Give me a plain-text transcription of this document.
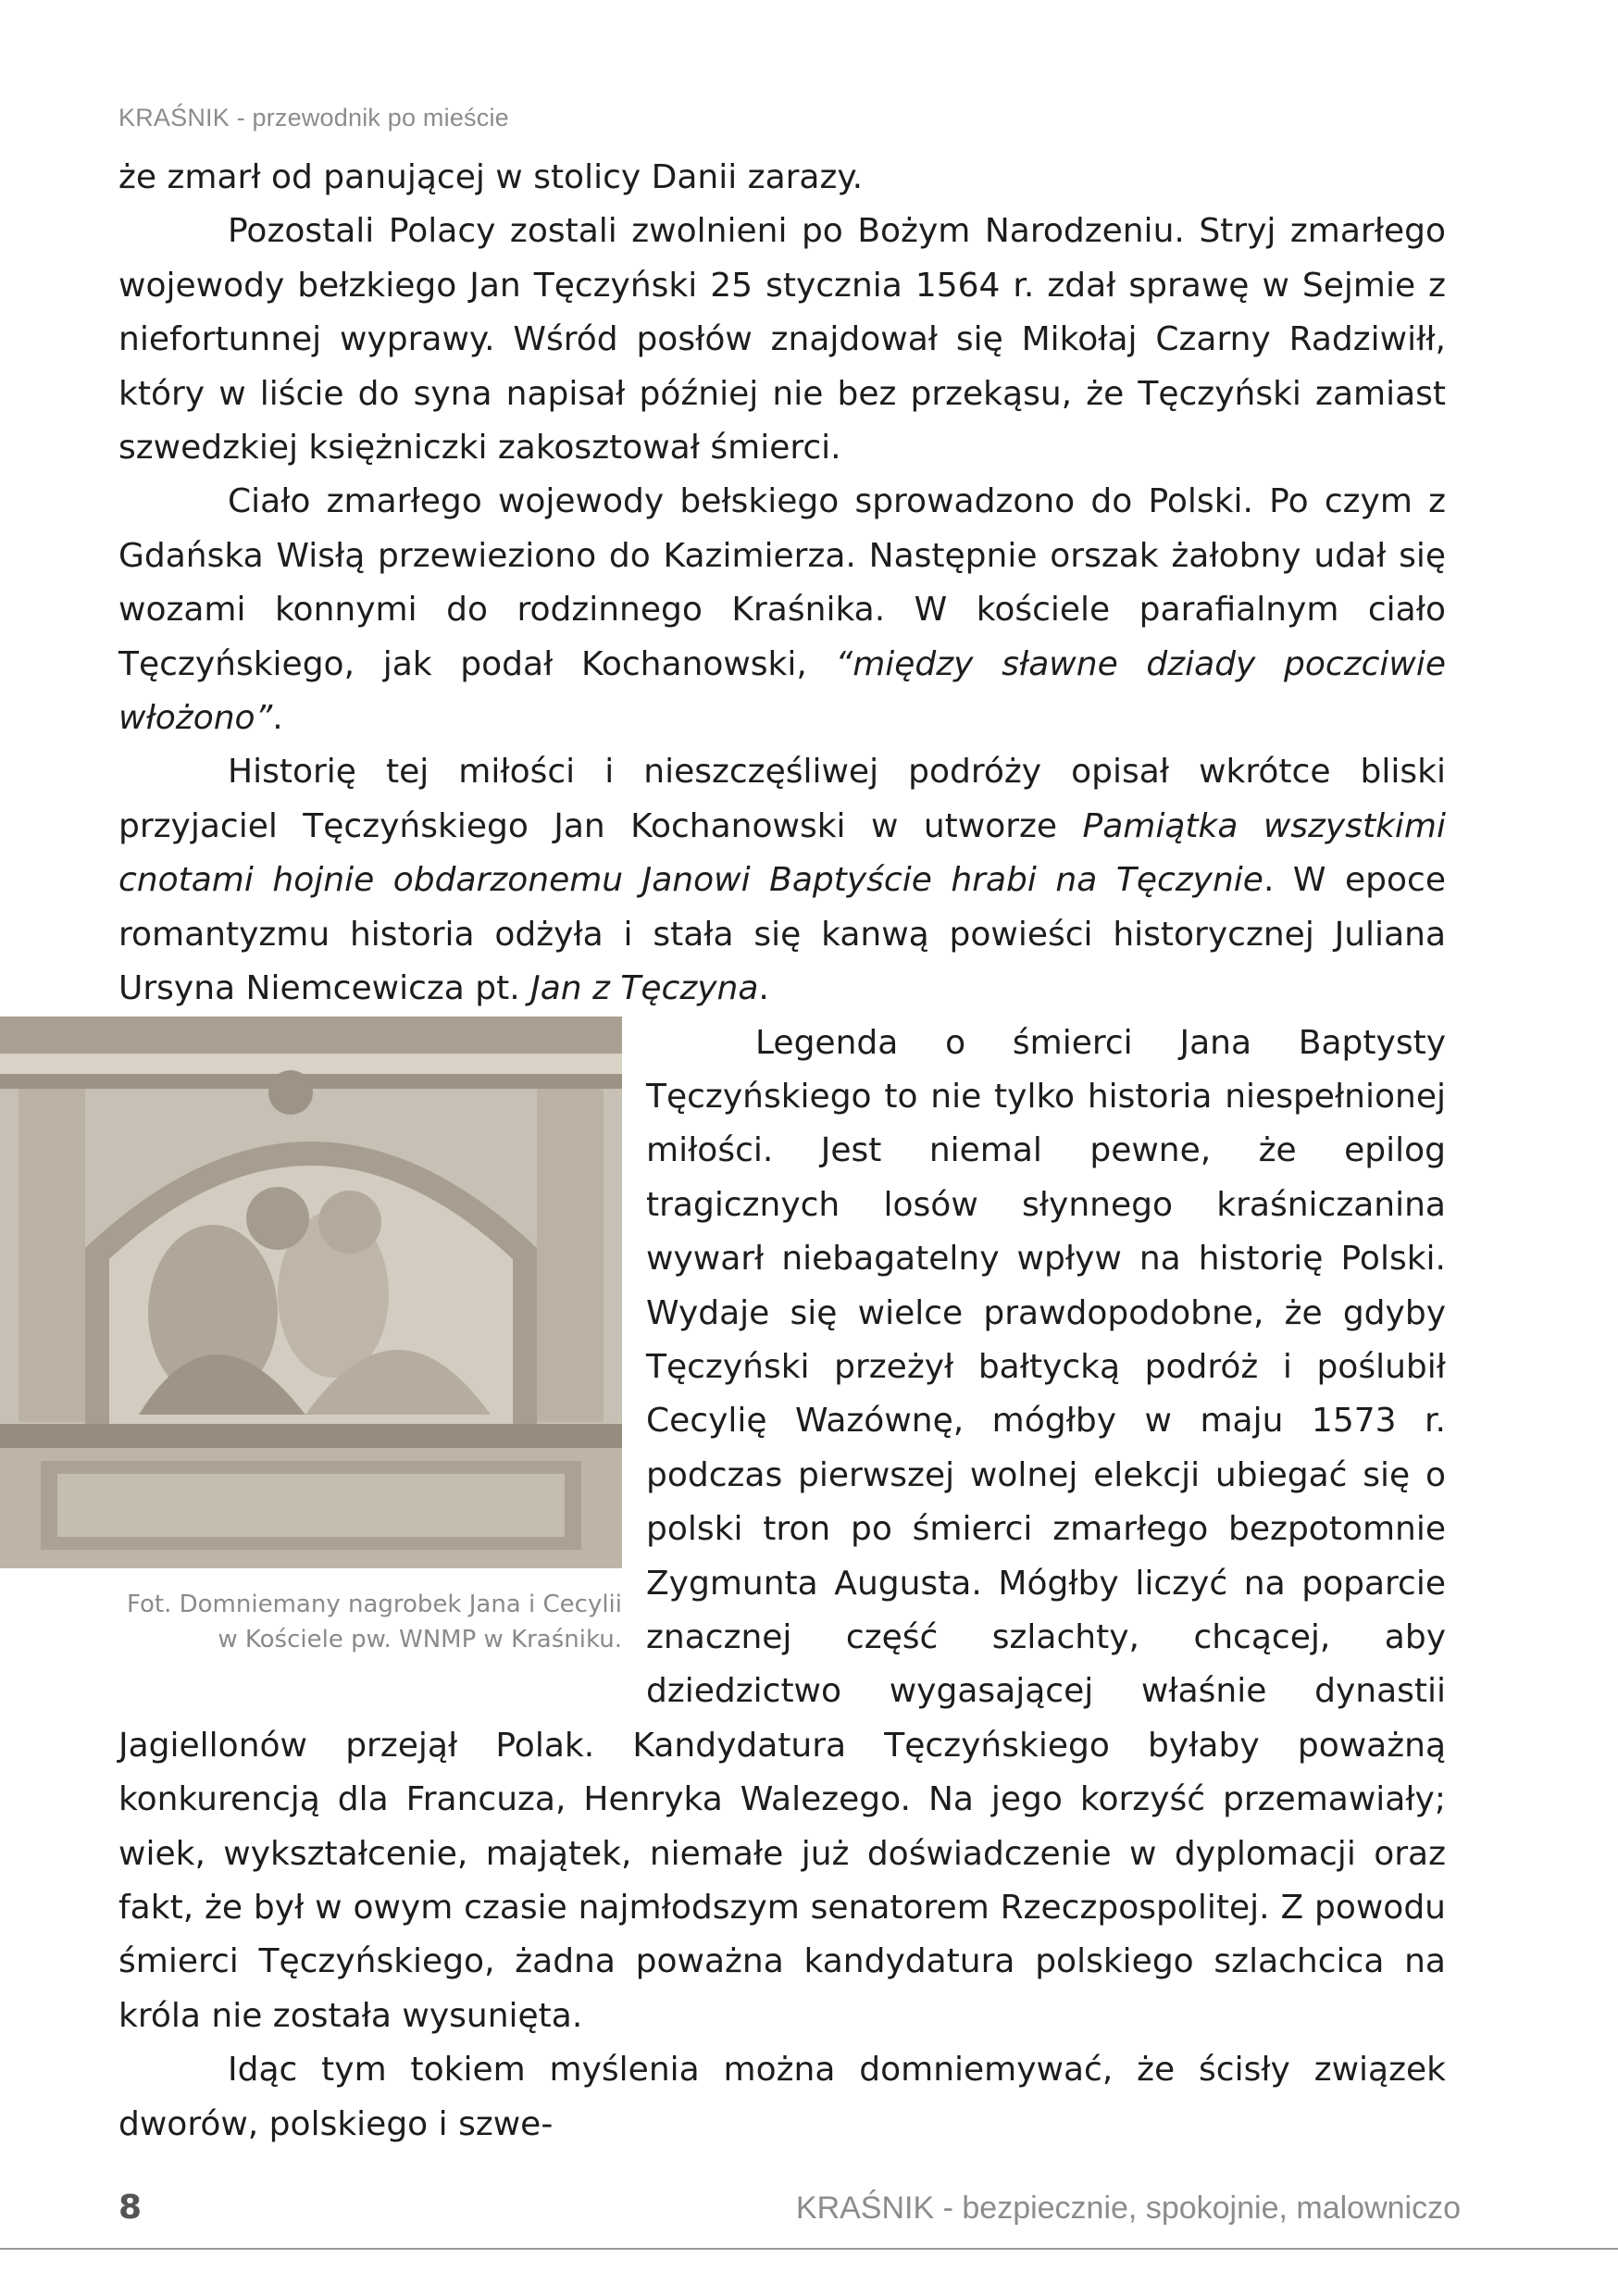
KRAŚNIK - przewodnik po mieście

że zmarł od panującej w stolicy Danii zarazy.

Pozostali Polacy zostali zwolnieni po Bożym Narodzeniu. Stryj zmarłego wojewody bełzkiego Jan Tęczyński 25 stycznia 1564 r. zdał sprawę w Sejmie z niefortunnej wyprawy. Wśród posłów znajdował się Mikołaj Czarny Radziwiłł, który w liście do syna napisał później nie bez przekąsu, że Tęczyński zamiast szwedzkiej księżniczki zakosztował śmierci.

Ciało zmarłego wojewody bełskiego sprowadzono do Polski. Po czym z Gdańska Wisłą przewieziono do Kazimierza. Następnie orszak żałobny udał się wozami konnymi do rodzinnego Kraśnika. W kościele parafialnym ciało Tęczyńskiego, jak podał Kochanowski, “między sławne dziady poczciwie włożono”.

Historię tej miłości i nieszczęśliwej podróży opisał wkrótce bliski przyjaciel Tęczyńskiego Jan Kochanowski w utworze Pamiątka wszystkimi cnotami hojnie obdarzonemu Janowi Baptyście hrabi na Tęczynie. W epoce romantyzmu historia odżyła i stała się kanwą powieści historycznej Juliana Ursyna Niemcewicza pt. Jan z Tęczyna.

Fot. Domniemany nagrobek Jana i Cecylii
w Kościele pw. WNMP w Kraśniku.
Legenda o śmierci Jana Baptysty Tęczyńskiego to nie tylko historia niespełnionej miłości. Jest niemal pewne, że epilog tragicznych losów słynnego kraśniczanina wywarł niebagatelny wpływ na historię Polski. Wydaje się wielce prawdopodobne, że gdyby Tęczyński przeżył bałtycką podróż i poślubił Cecylię Wazównę, mógłby w maju 1573 r. podczas pierwszej wolnej elekcji ubiegać się o polski tron po śmierci zmarłego bezpotomnie Zygmunta Augusta. Mógłby liczyć na poparcie znacznej część szlachty, chcącej, aby dziedzictwo wygasającej właśnie dynastii Jagiellonów przejął Polak. Kandydatura Tęczyńskiego byłaby poważną konkurencją dla Francuza, Henryka Walezego. Na jego korzyść przemawiały; wiek, wykształcenie, majątek, niemałe już doświadczenie w dyplomacji oraz fakt, że był w owym czasie najmłodszym senatorem Rzeczpospolitej. Z powodu śmierci Tęczyńskiego, żadna poważna kandydatura polskiego szlachcica na króla nie została wysunięta.

Idąc tym tokiem myślenia można domniemywać, że ścisły związek dworów, polskiego i szwe-

8	KRAŚNIK - bezpiecznie, spokojnie, malowniczo
